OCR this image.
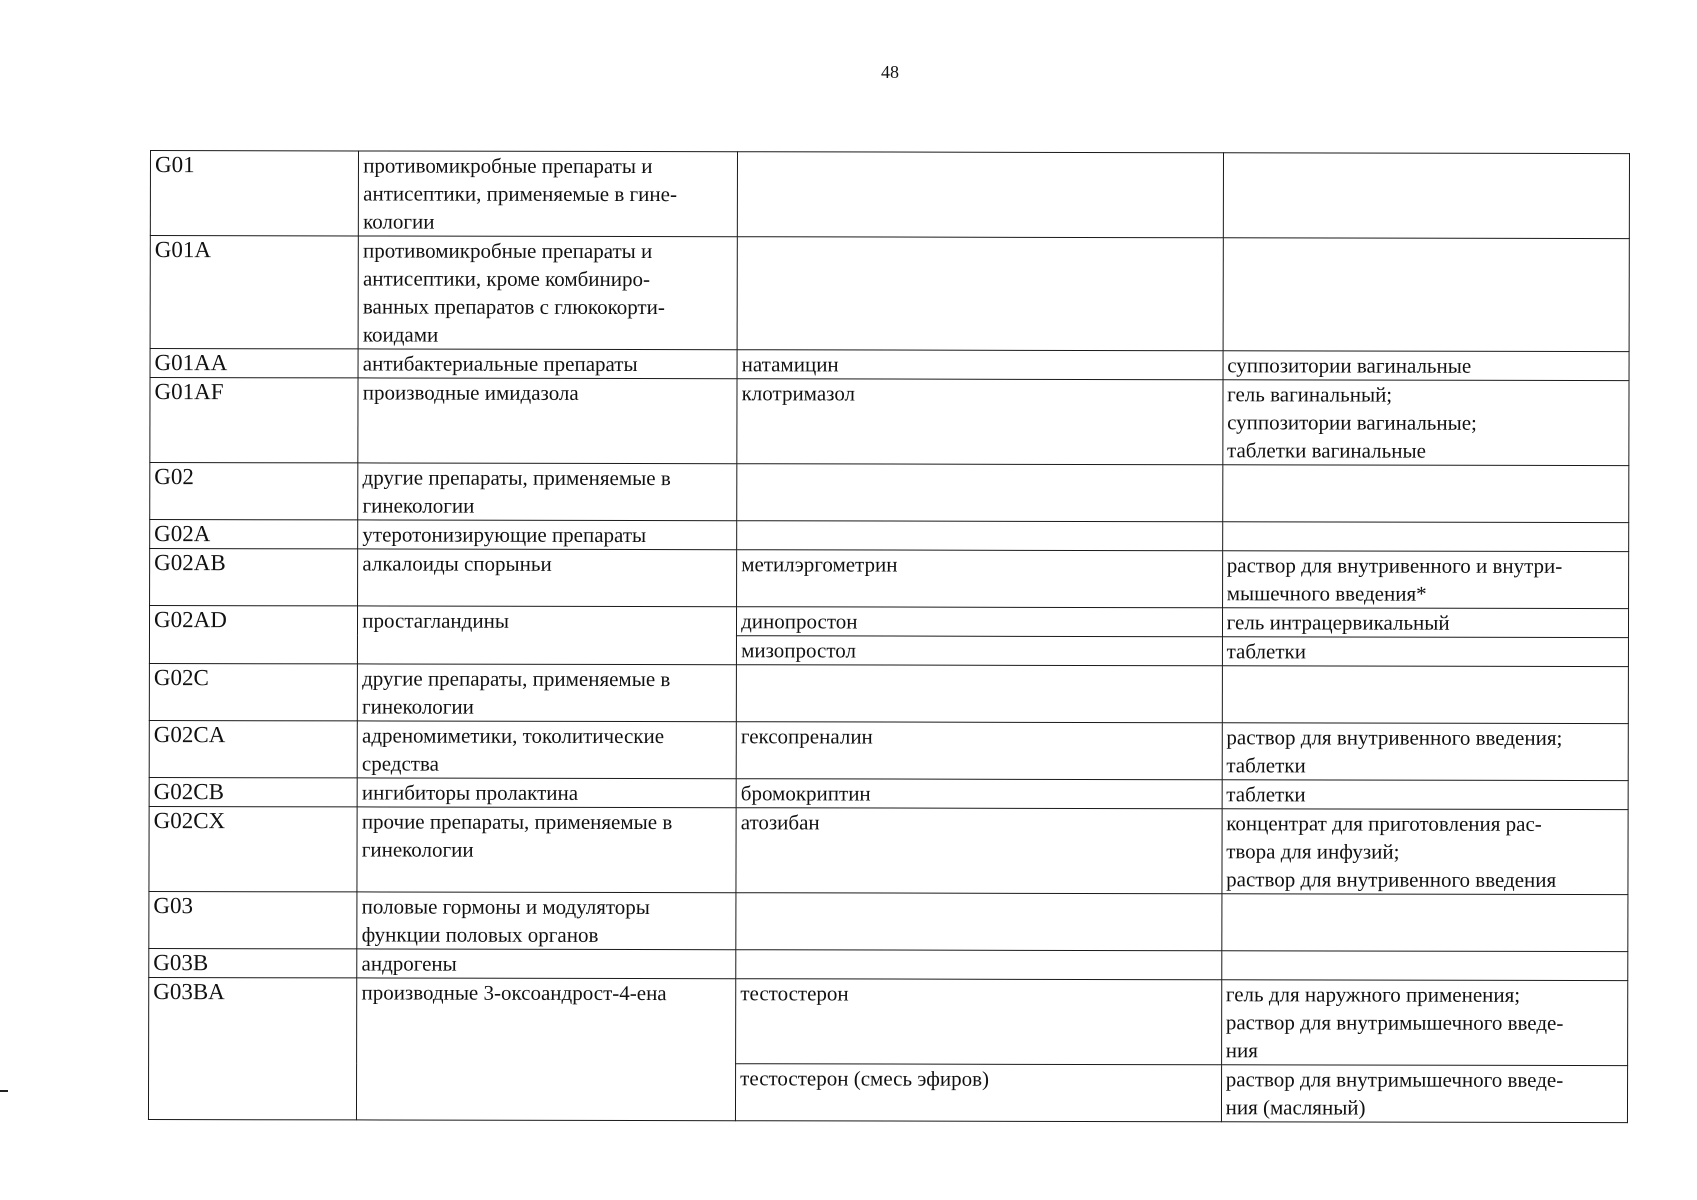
48
G01	противомикробные препараты и
антисептики, применяемые в гине-
кологии		

G01A	противомикробные препараты и
антисептики, кроме комбиниро-
ванных препаратов с глюкокорти-
коидами		

G01AA	антибактериальные препараты	натамицин	суппозитории вагинальные

G01AF	производные имидазола	клотримазол	гель вагинальный;
суппозитории вагинальные;
таблетки вагинальные

G02	другие препараты, применяемые в
гинекологии		

G02A	утеротонизирующие препараты		

G02AB	алкалоиды спорыньи	метилэргометрин	раствор для внутривенного и внутри-
мышечного введения*

G02AD	простагландины	динопростон	гель интрацервикальный

		мизопростол	таблетки

G02C	другие препараты, применяемые в
гинекологии		

G02CA	адреномиметики, токолитические
средства	гексопреналин	раствор для внутривенного введения;
таблетки

G02CB	ингибиторы пролактина	бромокриптин	таблетки

G02CX	прочие препараты, применяемые в
гинекологии	атозибан	концентрат для приготовления рас-
твора для инфузий;
раствор для внутривенного введения

G03	половые гормоны и модуляторы
функции половых органов		

G03B	андрогены		

G03BA	производные 3-оксоандрост-4-ена	тестостерон	гель для наружного применения;
раствор для внутримышечного введе-
ния

		тестостерон (смесь эфиров)	раствор для внутримышечного введе-
ния (масляный)
